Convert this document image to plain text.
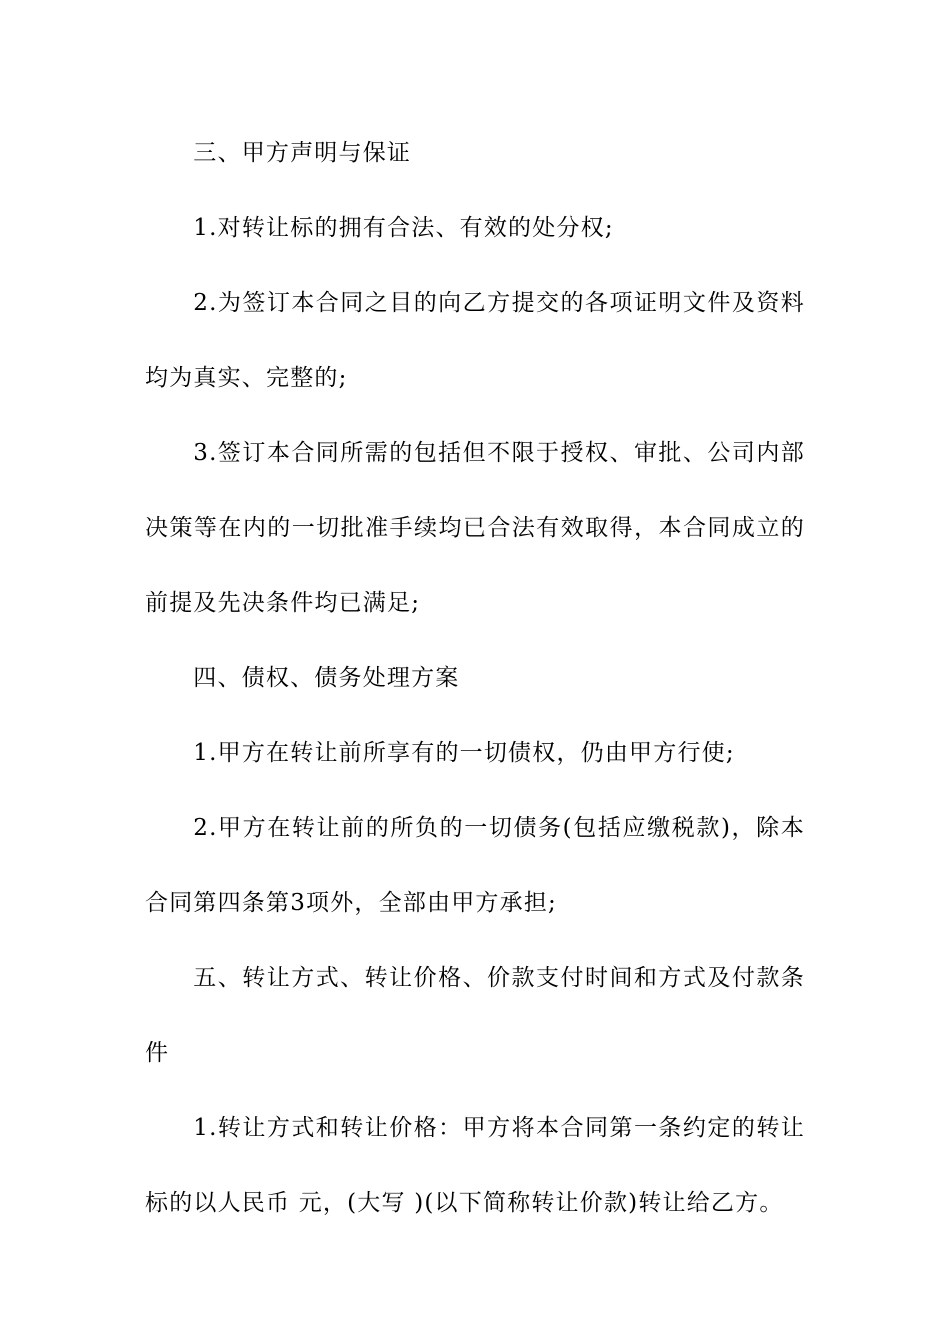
三、甲方声明与保证

1.对转让标的拥有合法、有效的处分权;

2.为签订本合同之目的向乙方提交的各项证明文件及资料均为真实、完整的;

3.签订本合同所需的包括但不限于授权、审批、公司内部决策等在内的一切批准手续均已合法有效取得，本合同成立的前提及先决条件均已满足;

四、债权、债务处理方案

1.甲方在转让前所享有的一切债权，仍由甲方行使;

2.甲方在转让前的所负的一切债务(包括应缴税款)，除本合同第四条第3项外，全部由甲方承担;

五、转让方式、转让价格、价款支付时间和方式及付款条件

1.转让方式和转让价格：甲方将本合同第一条约定的转让标的以人民币 元，(大写 )(以下简称转让价款)转让给乙方。
